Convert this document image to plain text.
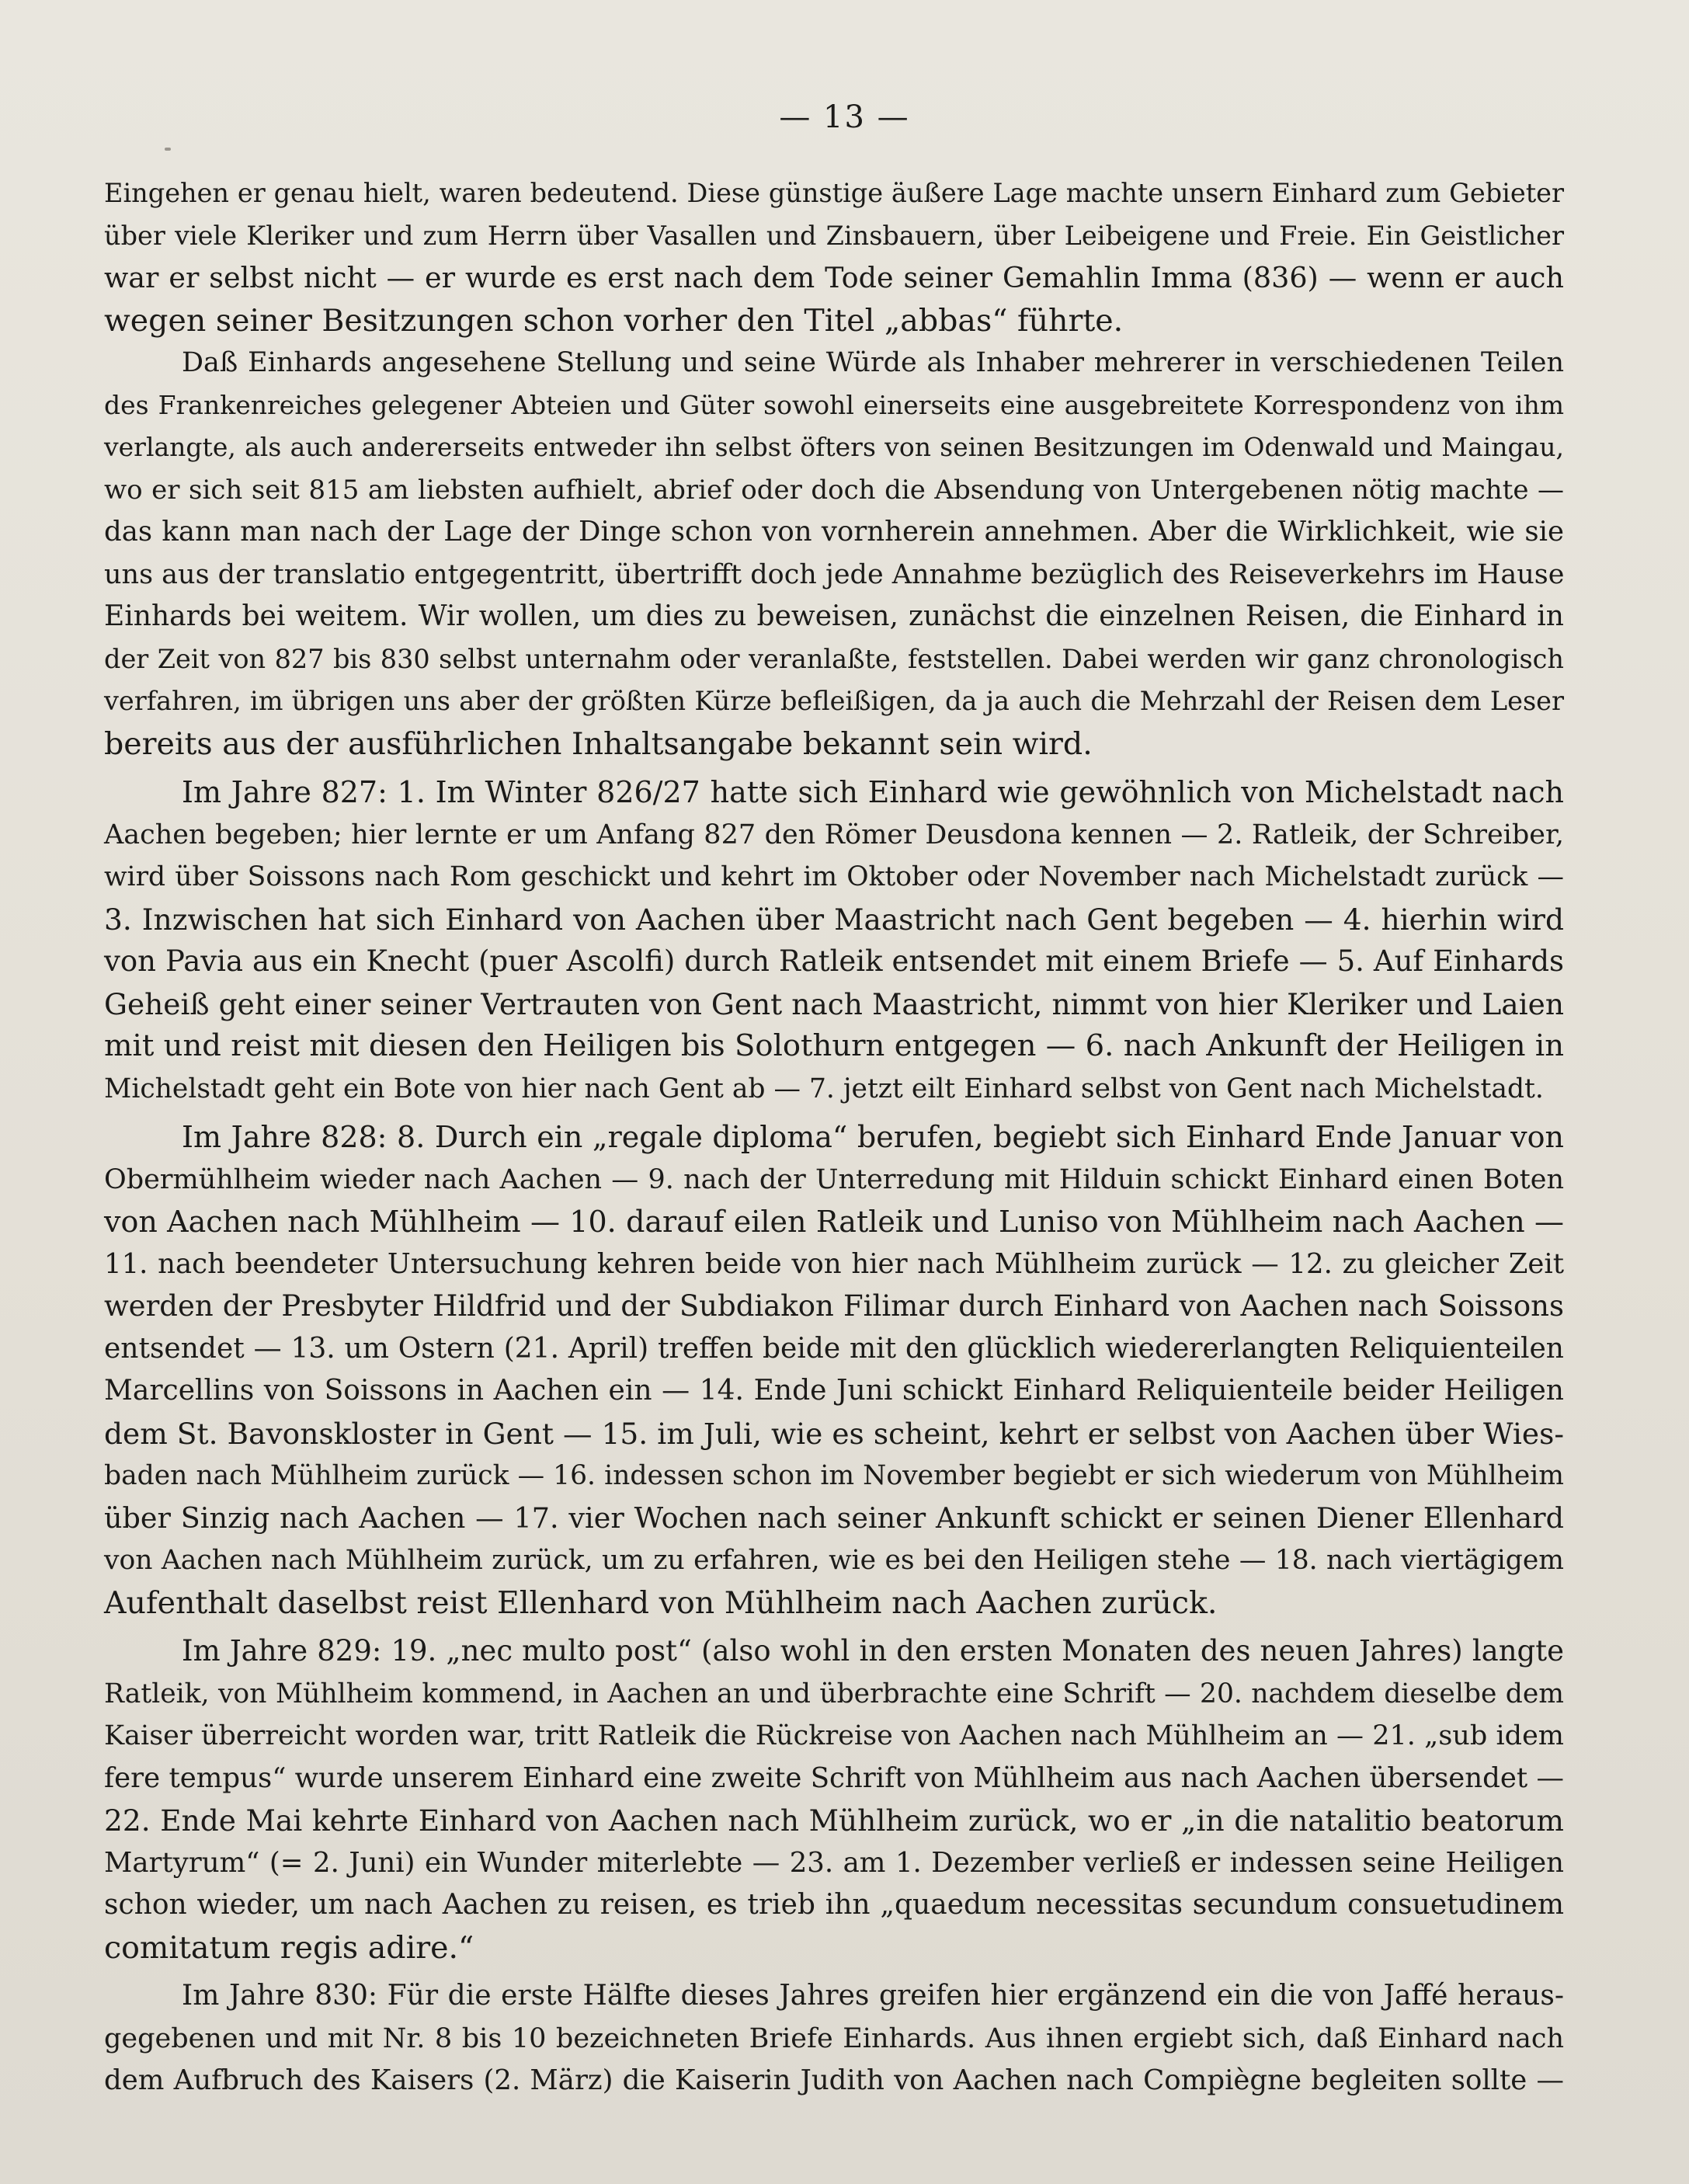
— 13 —
Eingehen er genau hielt, waren bedeutend. Diese günstige äußere Lage machte unsern Einhard zum Gebieter
über viele Kleriker und zum Herrn über Vasallen und Zinsbauern, über Leibeigene und Freie. Ein Geistlicher
war er selbst nicht — er wurde es erst nach dem Tode seiner Gemahlin Imma (836) — wenn er auch
wegen seiner Besitzungen schon vorher den Titel „abbas“ führte.
Daß Einhards angesehene Stellung und seine Würde als Inhaber mehrerer in verschiedenen Teilen
des Frankenreiches gelegener Abteien und Güter sowohl einerseits eine ausgebreitete Korrespondenz von ihm
verlangte, als auch andererseits entweder ihn selbst öfters von seinen Besitzungen im Odenwald und Maingau,
wo er sich seit 815 am liebsten aufhielt, abrief oder doch die Absendung von Untergebenen nötig machte —
das kann man nach der Lage der Dinge schon von vornherein annehmen. Aber die Wirklichkeit, wie sie
uns aus der translatio entgegentritt, übertrifft doch jede Annahme bezüglich des Reiseverkehrs im Hause
Einhards bei weitem. Wir wollen, um dies zu beweisen, zunächst die einzelnen Reisen, die Einhard in
der Zeit von 827 bis 830 selbst unternahm oder veranlaßte, feststellen. Dabei werden wir ganz chronologisch
verfahren, im übrigen uns aber der größten Kürze befleißigen, da ja auch die Mehrzahl der Reisen dem Leser
bereits aus der ausführlichen Inhaltsangabe bekannt sein wird.
Im Jahre 827: 1. Im Winter 826/27 hatte sich Einhard wie gewöhnlich von Michelstadt nach
Aachen begeben; hier lernte er um Anfang 827 den Römer Deusdona kennen — 2. Ratleik, der Schreiber,
wird über Soissons nach Rom geschickt und kehrt im Oktober oder November nach Michelstadt zurück —
3. Inzwischen hat sich Einhard von Aachen über Maastricht nach Gent begeben — 4. hierhin wird
von Pavia aus ein Knecht (puer Ascolfi) durch Ratleik entsendet mit einem Briefe — 5. Auf Einhards
Geheiß geht einer seiner Vertrauten von Gent nach Maastricht, nimmt von hier Kleriker und Laien
mit und reist mit diesen den Heiligen bis Solothurn entgegen — 6. nach Ankunft der Heiligen in
Michelstadt geht ein Bote von hier nach Gent ab — 7. jetzt eilt Einhard selbst von Gent nach Michelstadt.
Im Jahre 828: 8. Durch ein „regale diploma“ berufen, begiebt sich Einhard Ende Januar von
Obermühlheim wieder nach Aachen — 9. nach der Unterredung mit Hilduin schickt Einhard einen Boten
von Aachen nach Mühlheim — 10. darauf eilen Ratleik und Luniso von Mühlheim nach Aachen —
11. nach beendeter Untersuchung kehren beide von hier nach Mühlheim zurück — 12. zu gleicher Zeit
werden der Presbyter Hildfrid und der Subdiakon Filimar durch Einhard von Aachen nach Soissons
entsendet — 13. um Ostern (21. April) treffen beide mit den glücklich wiedererlangten Reliquienteilen
Marcellins von Soissons in Aachen ein — 14. Ende Juni schickt Einhard Reliquienteile beider Heiligen
dem St. Bavonskloster in Gent — 15. im Juli, wie es scheint, kehrt er selbst von Aachen über Wies-
baden nach Mühlheim zurück — 16. indessen schon im November begiebt er sich wiederum von Mühlheim
über Sinzig nach Aachen — 17. vier Wochen nach seiner Ankunft schickt er seinen Diener Ellenhard
von Aachen nach Mühlheim zurück, um zu erfahren, wie es bei den Heiligen stehe — 18. nach viertägigem
Aufenthalt daselbst reist Ellenhard von Mühlheim nach Aachen zurück.
Im Jahre 829: 19. „nec multo post“ (also wohl in den ersten Monaten des neuen Jahres) langte
Ratleik, von Mühlheim kommend, in Aachen an und überbrachte eine Schrift — 20. nachdem dieselbe dem
Kaiser überreicht worden war, tritt Ratleik die Rückreise von Aachen nach Mühlheim an — 21. „sub idem
fere tempus“ wurde unserem Einhard eine zweite Schrift von Mühlheim aus nach Aachen übersendet —
22. Ende Mai kehrte Einhard von Aachen nach Mühlheim zurück, wo er „in die natalitio beatorum
Martyrum“ (= 2. Juni) ein Wunder miterlebte — 23. am 1. Dezember verließ er indessen seine Heiligen
schon wieder, um nach Aachen zu reisen, es trieb ihn „quaedum necessitas secundum consuetudinem
comitatum regis adire.“
Im Jahre 830: Für die erste Hälfte dieses Jahres greifen hier ergänzend ein die von Jaffé heraus-
gegebenen und mit Nr. 8 bis 10 bezeichneten Briefe Einhards. Aus ihnen ergiebt sich, daß Einhard nach
dem Aufbruch des Kaisers (2. März) die Kaiserin Judith von Aachen nach Compiègne begleiten sollte —
